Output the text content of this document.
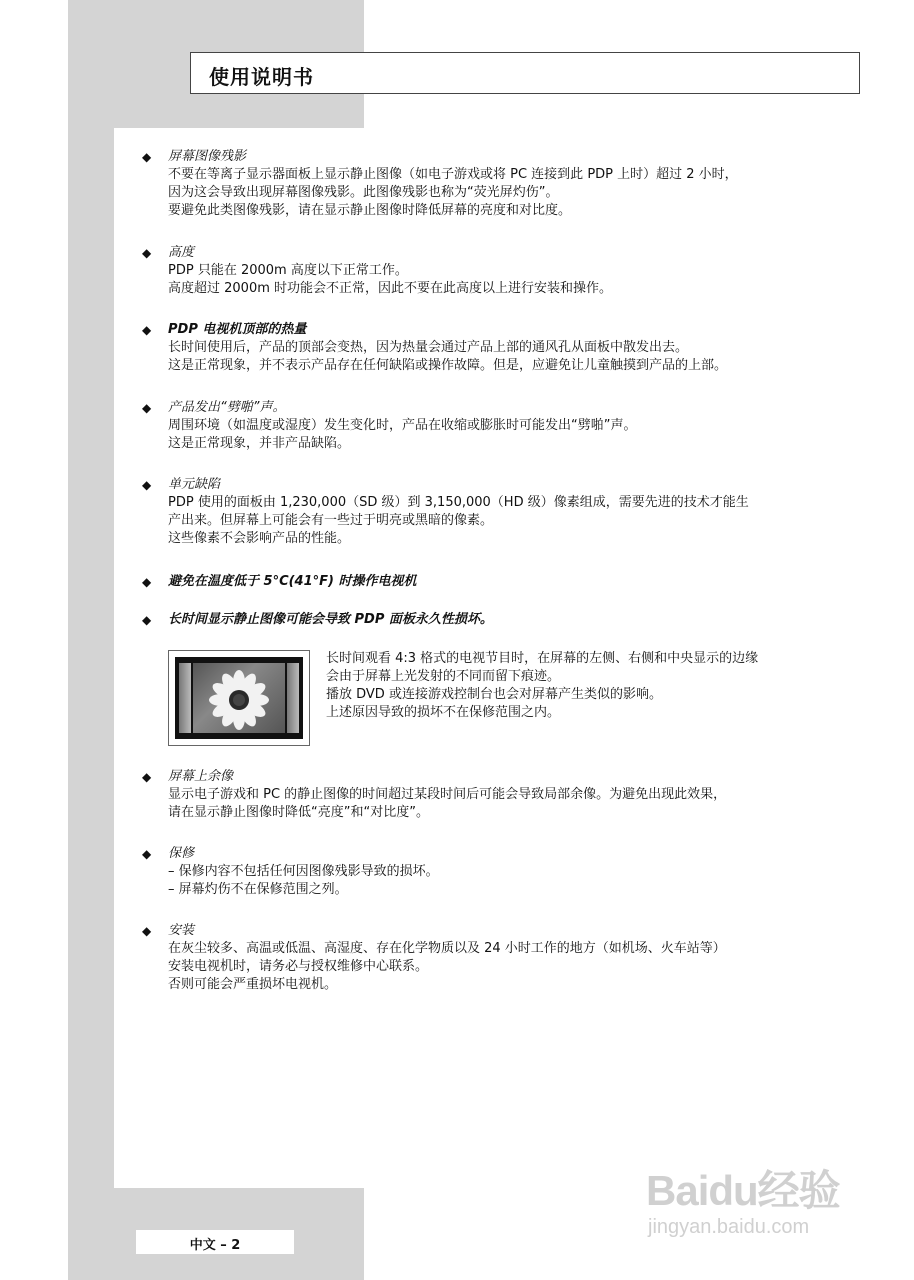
使用说明书
◆ 屏幕图像残影
不要在等离子显示器面板上显示静止图像（如电子游戏或将 PC 连接到此 PDP 上时）超过 2 小时，
因为这会导致出现屏幕图像残影。此图像残影也称为“荧光屏灼伤”。
要避免此类图像残影，请在显示静止图像时降低屏幕的亮度和对比度。
◆ 高度
PDP 只能在 2000m 高度以下正常工作。
高度超过 2000m 时功能会不正常，因此不要在此高度以上进行安装和操作。
◆ PDP 电视机顶部的热量
长时间使用后，产品的顶部会变热，因为热量会通过产品上部的通风孔从面板中散发出去。
这是正常现象，并不表示产品存在任何缺陷或操作故障。但是，应避免让儿童触摸到产品的上部。
◆ 产品发出“劈啪”声。
周围环境（如温度或湿度）发生变化时，产品在收缩或膨胀时可能发出“劈啪”声。
这是正常现象，并非产品缺陷。
◆ 单元缺陷
PDP 使用的面板由 1,230,000（SD 级）到 3,150,000（HD 级）像素组成，需要先进的技术才能生
产出来。但屏幕上可能会有一些过于明亮或黑暗的像素。
这些像素不会影响产品的性能。
◆ 避免在温度低于 5°C(41°F) 时操作电视机
◆ 长时间显示静止图像可能会导致 PDP 面板永久性损坏。
长时间观看 4:3 格式的电视节目时，在屏幕的左侧、右侧和中央显示的边缘
会由于屏幕上光发射的不同而留下痕迹。
播放 DVD 或连接游戏控制台也会对屏幕产生类似的影响。
上述原因导致的损坏不在保修范围之内。
◆ 屏幕上余像
显示电子游戏和 PC 的静止图像的时间超过某段时间后可能会导致局部余像。为避免出现此效果，
请在显示静止图像时降低“亮度”和“对比度”。
◆ 保修
– 保修内容不包括任何因图像残影导致的损坏。
– 屏幕灼伤不在保修范围之列。
◆ 安装
在灰尘较多、高温或低温、高湿度、存在化学物质以及 24 小时工作的地方（如机场、火车站等）
安装电视机时，请务必与授权维修中心联系。
否则可能会严重损坏电视机。
中文 – 2
Baidu经验
jingyan.baidu.com
